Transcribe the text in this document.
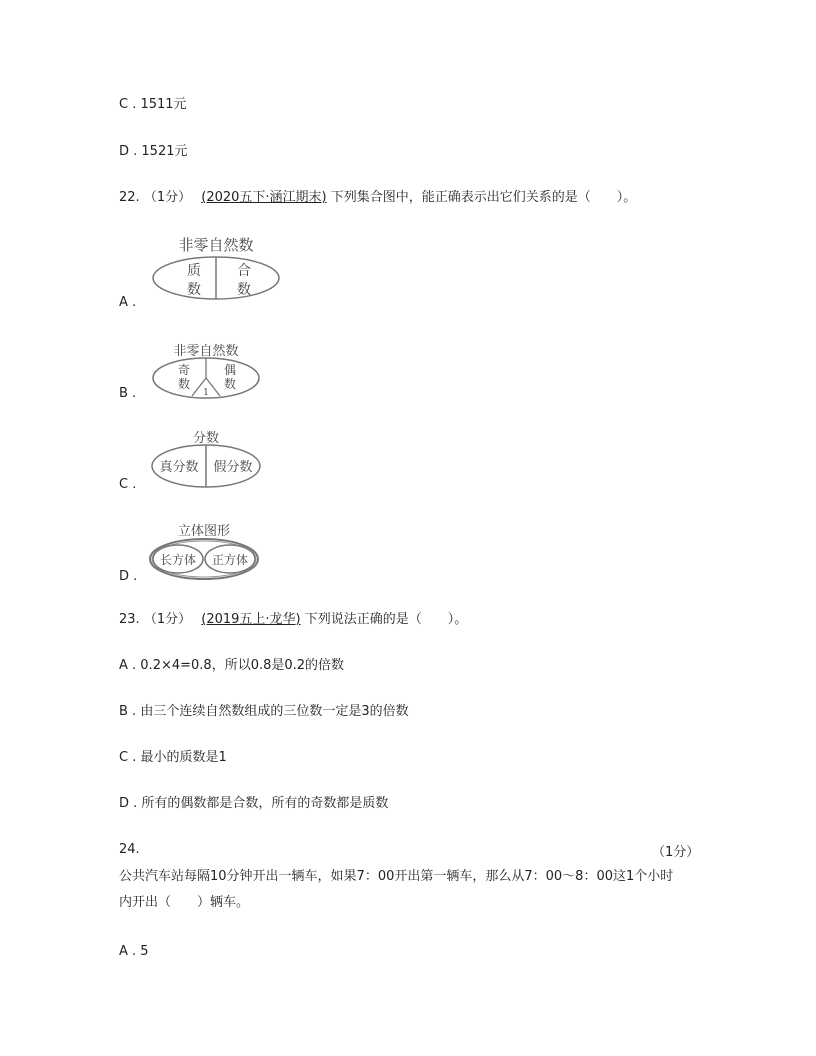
C . 1511元
D . 1521元
22. （1分） (2020五下·涵江期末) 下列集合图中，能正确表示出它们关系的是（　　）。
非零自然数
质
数
合
数
A .
非零自然数
奇
数
偶
数
1
B .
分数
真分数 假分数
C .
立体图形
长方体 正方体
D .
23. （1分） (2019五上·龙华) 下列说法正确的是（　　）。
A . 0.2×4=0.8，所以0.8是0.2的倍数
B . 由三个连续自然数组成的三位数一定是3的倍数
C . 最小的质数是1
D . 所有的偶数都是合数，所有的奇数都是质数
24.	（1分）
公共汽车站每隔10分钟开出一辆车，如果7：00开出第一辆车，那么从7：00～8：00这1个小时
内开出（　　）辆车。
A . 5
